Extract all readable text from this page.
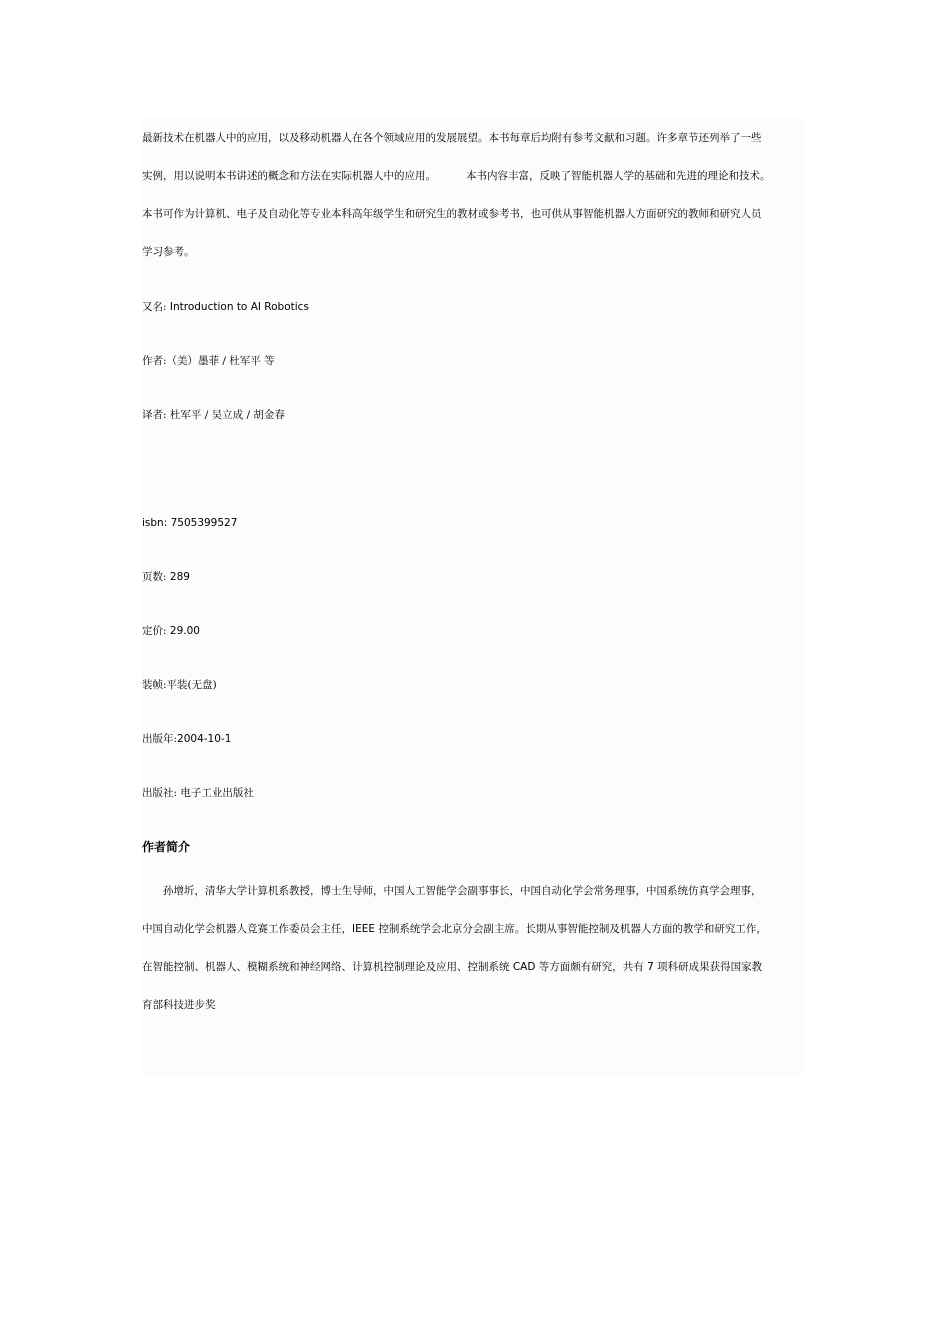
最新技术在机器人中的应用，以及移动机器人在各个领域应用的发展展望。本书每章后均附有参考文献和习题。许多章节还列举了一些

实例，用以说明本书讲述的概念和方法在实际机器人中的应用。	本书内容丰富，反映了智能机器人学的基础和先进的理论和技术。

本书可作为计算机、电子及自动化等专业本科高年级学生和研究生的教材或参考书，也可供从事智能机器人方面研究的教师和研究人员

学习参考。

又名: Introduction to AI Robotics

作者:（美）墨菲 / 杜军平 等

译者: 杜军平 / 吴立成 / 胡金春

isbn: 7505399527

页数: 289

定价: 29.00

装帧:平装(无盘)

出版年:2004-10-1

出版社: 电子工业出版社

作者简介

孙增圻，清华大学计算机系教授，博士生导师，中国人工智能学会副事事长，中国自动化学会常务理事，中国系统仿真学会理事，

中国自动化学会机器人竞赛工作委员会主任，IEEE 控制系统学会北京分会副主席。长期从事智能控制及机器人方面的教学和研究工作，

在智能控制、机器人、模糊系统和神经网络、计算机控制理论及应用、控制系统 CAD 等方面颇有研究，共有 7 项科研成果获得国家教

育部科技进步奖
